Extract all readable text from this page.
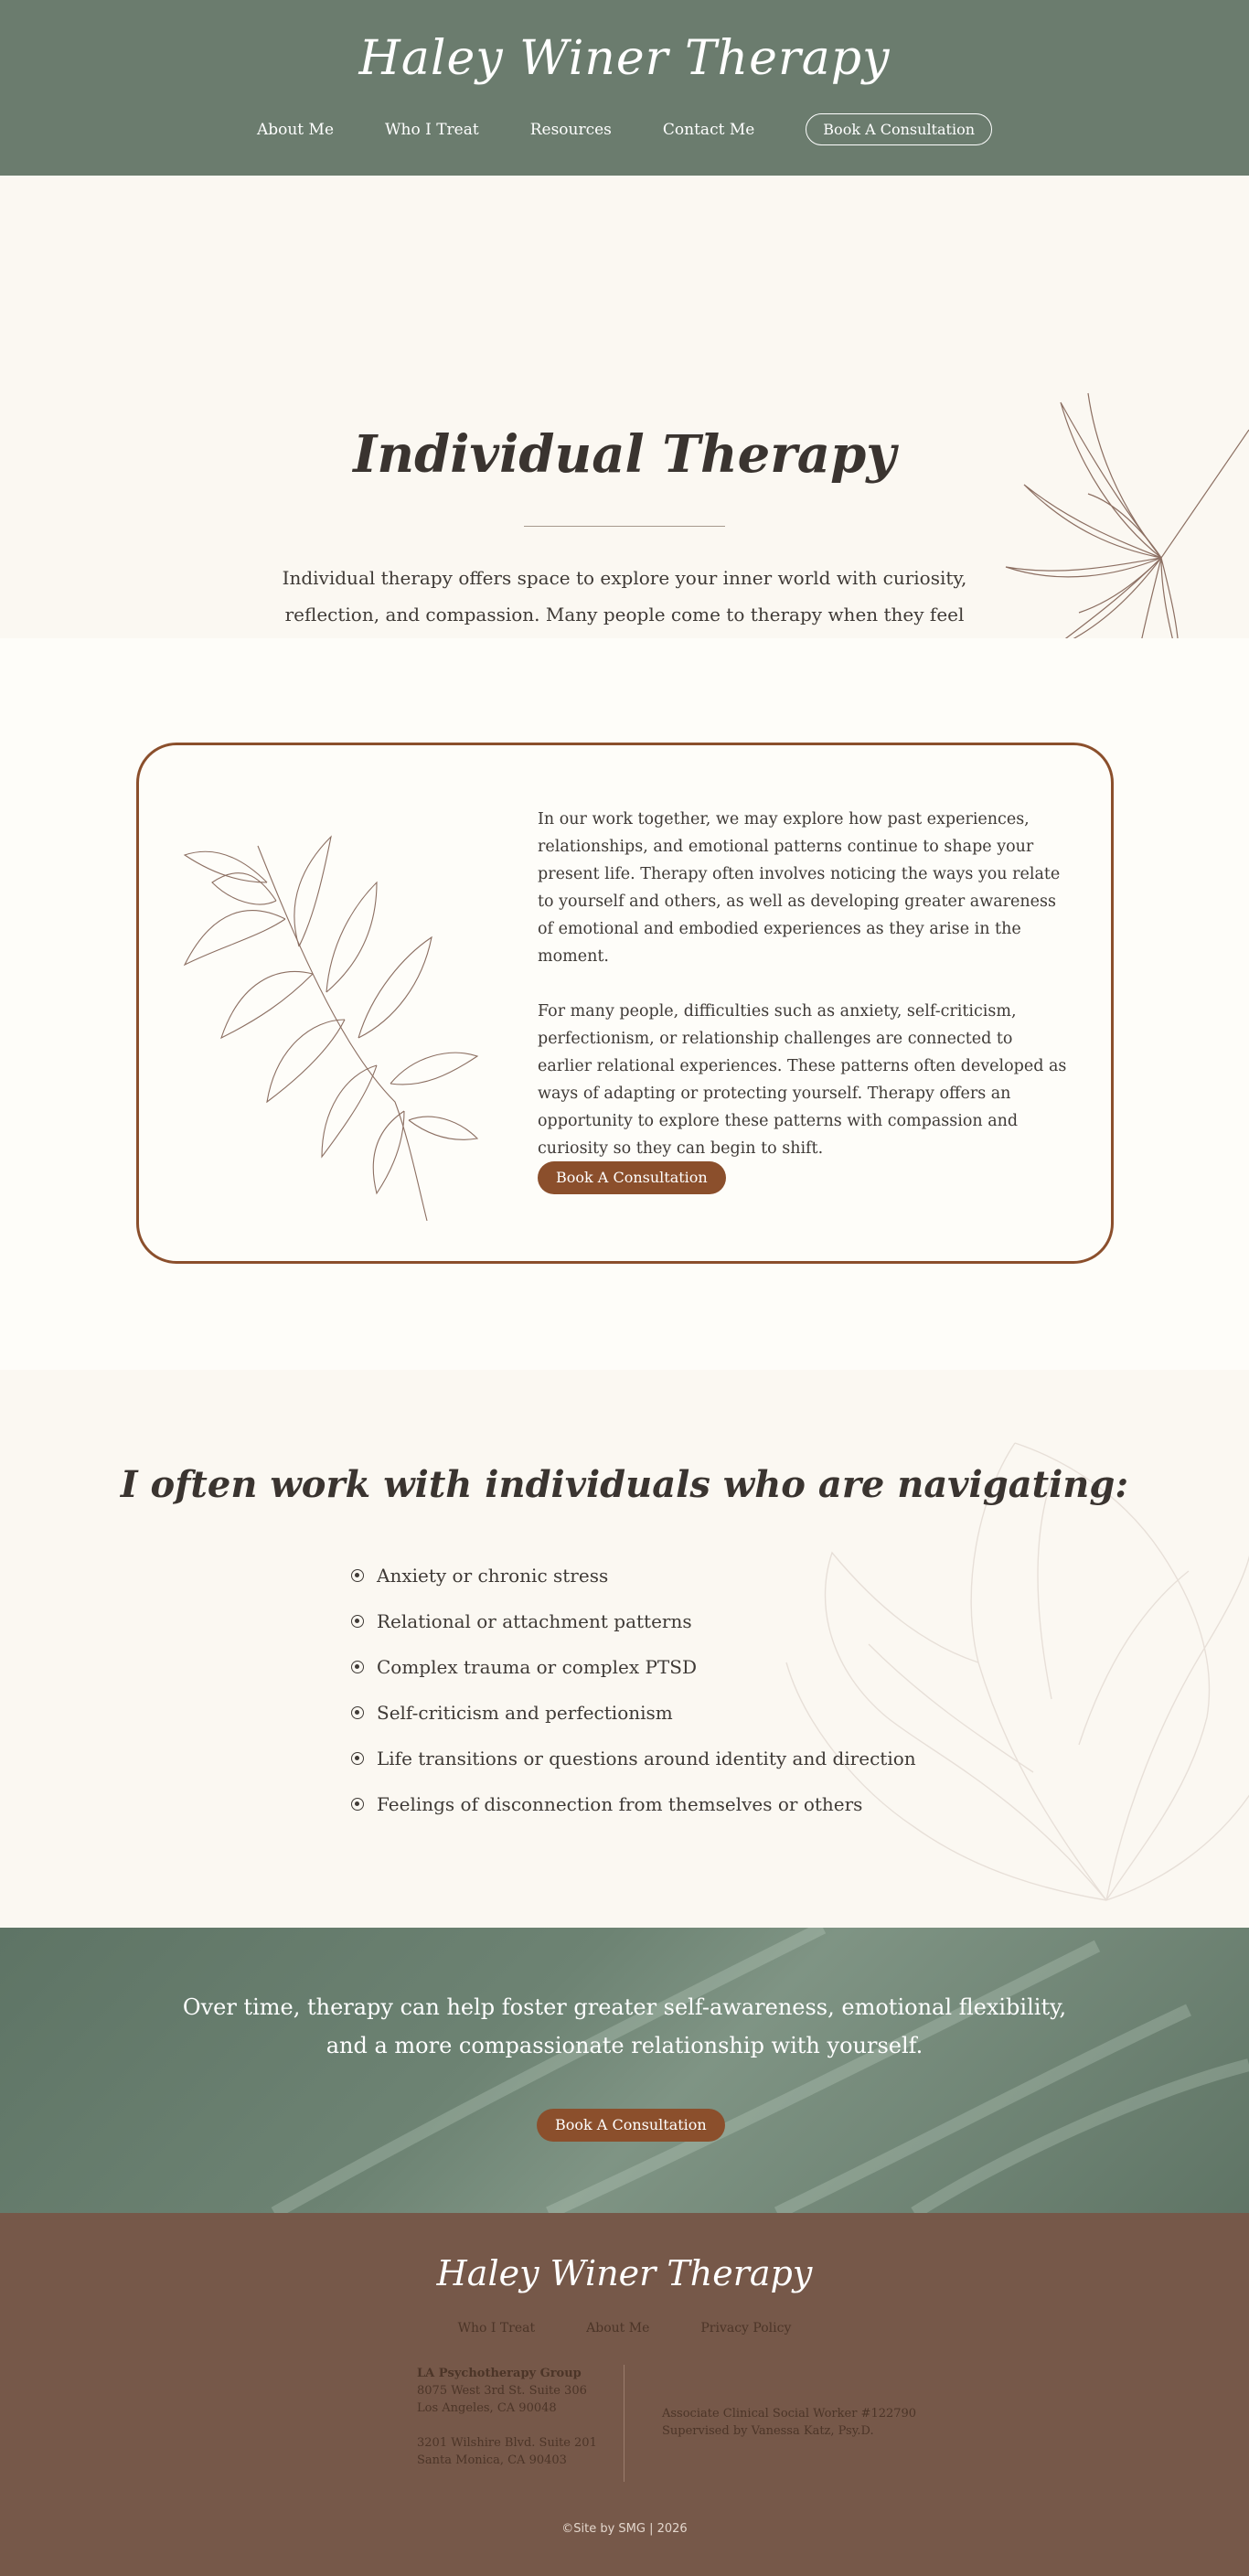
Haley Winer Therapy
About Me	Who I Treat	Resources	Contact Me	Book A Consultation
Individual Therapy

Individual therapy offers space to explore your inner world with curiosity, reflection, and compassion. Many people come to therapy when they feel

In our work together, we may explore how past experiences, relationships, and emotional patterns continue to shape your present life. Therapy often involves noticing the ways you relate to yourself and others, as well as developing greater awareness of emotional and embodied experiences as they arise in the moment.

For many people, difficulties such as anxiety, self-criticism, perfectionism, or relationship challenges are connected to earlier relational experiences. These patterns often developed as ways of adapting or protecting yourself. Therapy offers an opportunity to explore these patterns with compassion and curiosity so they can begin to shift.

Book A Consultation
I often work with individuals who are navigating:
Anxiety or chronic stress
Relational or attachment patterns
Complex trauma or complex PTSD
Self-criticism and perfectionism
Life transitions or questions around identity and direction
Feelings of disconnection from themselves or others

Over time, therapy can help foster greater self-awareness, emotional flexibility, and a more compassionate relationship with yourself.

Book A Consultation
Haley Winer Therapy
Who I Treat	About Me	Privacy Policy
LA Psychotherapy Group
8075 West 3rd St. Suite 306
Los Angeles, CA 90048
3201 Wilshire Blvd. Suite 201
Santa Monica, CA 90403
Associate Clinical Social Worker #122790
Supervised by Vanessa Katz, Psy.D.
©Site by SMG | 2026
